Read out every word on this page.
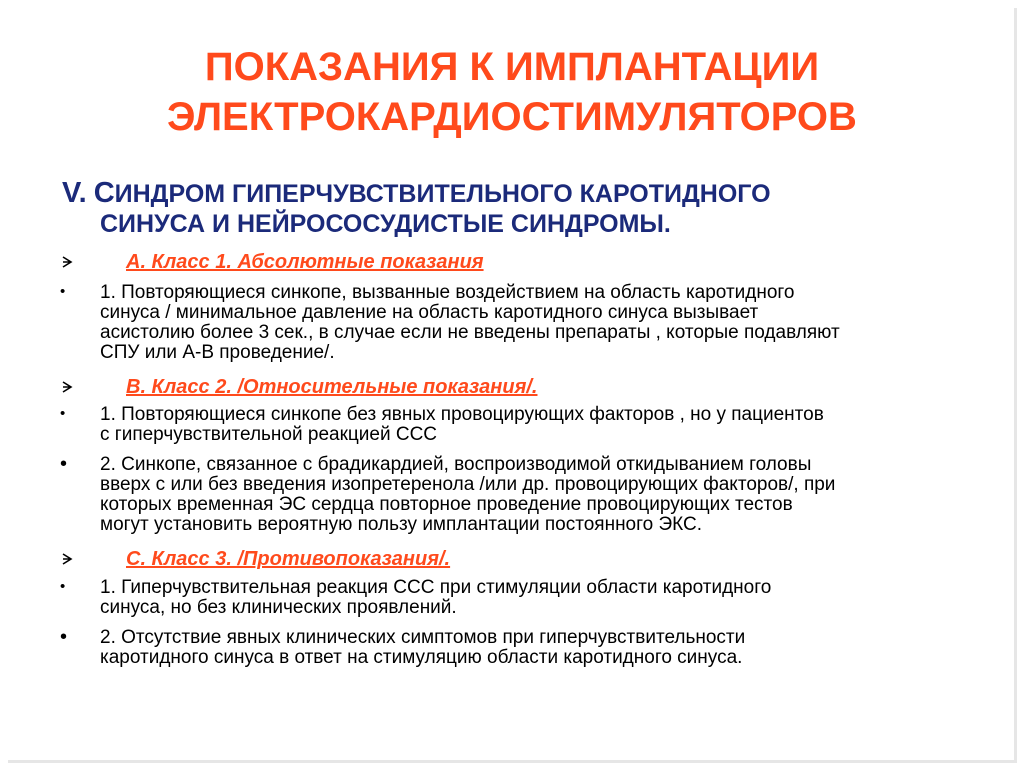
ПОКАЗАНИЯ К ИМПЛАНТАЦИИ
ЭЛЕКТРОКАРДИОСТИМУЛЯТОРОВ
V. СИНДРОМ ГИПЕРЧУВСТВИТЕЛЬНОГО КАРОТИДНОГО
СИНУСА И НЕЙРОСОСУДИСТЫЕ СИНДРОМЫ.

A. Класс 1. Абсолютные показания

• 1. Повторяющиеся синкопе, вызванные воздействием на область каротидного

синуса / минимальное давление на область каротидного синуса вызывает

асистолию более 3 сек., в случае если не введены препараты , которые подавляют

СПУ или А-В проведение/.

B. Класс 2. /Относительные показания/.

• 1. Повторяющиеся синкопе без явных провоцирующих факторов , но у пациентов

с гиперчувствительной реакцией ССС

• 2. Синкопе, связанное с брадикардией, воспроизводимой откидыванием головы

вверх с или без введения изопретеренола /или др. провоцирующих факторов/, при

которых временная ЭС сердца повторное проведение провоцирующих тестов

могут установить вероятную пользу имплантации постоянного ЭКС.

C. Класс 3. /Противопоказания/.

• 1. Гиперчувствительная реакция ССС при стимуляции области каротидного

синуса, но без клинических проявлений.

• 2. Отсутствие явных клинических симптомов при гиперчувствительности

каротидного синуса в ответ на стимуляцию области каротидного синуса.
